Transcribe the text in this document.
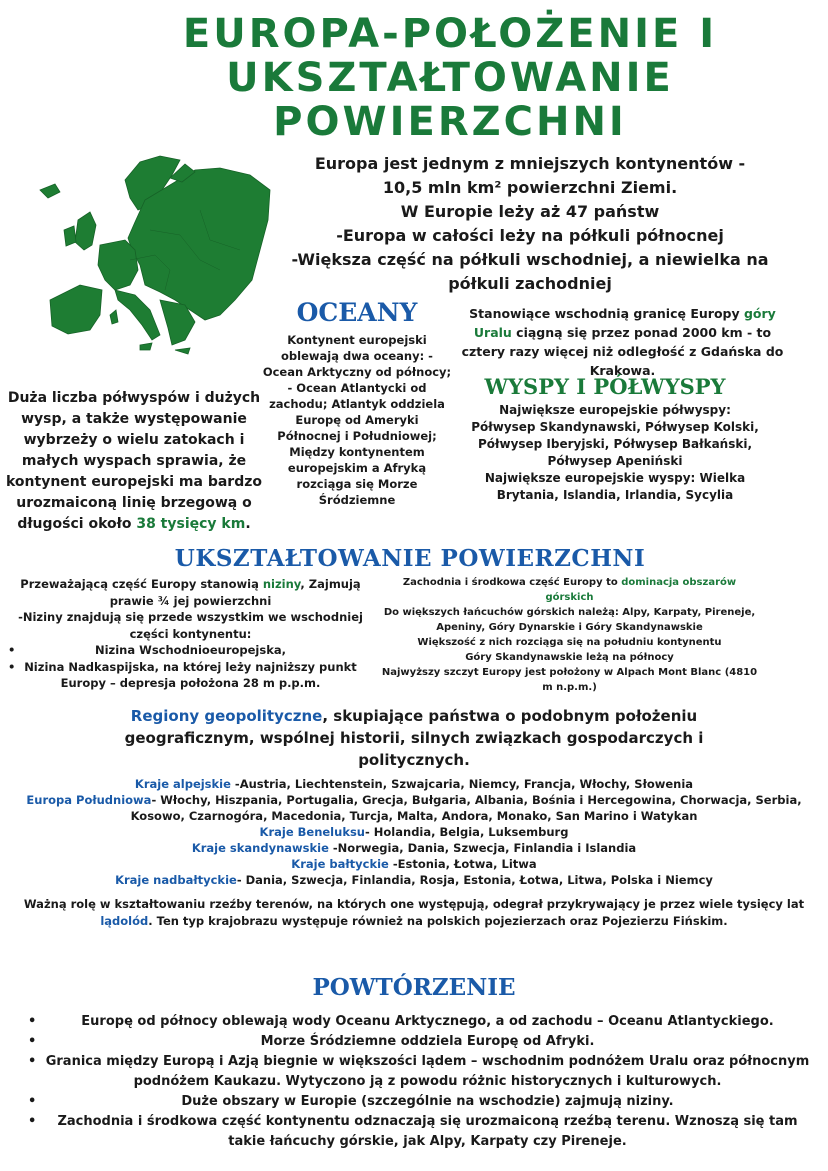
EUROPA-POŁOŻENIE I UKSZTAŁTOWANIE POWIERZCHNI
Europa jest jednym z mniejszych kontynentów -
10,5 mln km² powierzchni Ziemi.
W Europie leży aż 47 państw
-Europa w całości leży na półkuli północnej
-Większa część na półkuli wschodniej, a niewielka na
półkuli zachodniej
OCEANY
Kontynent europejski oblewają dwa oceany: - Ocean Arktyczny od północy; - Ocean Atlantycki od zachodu; Atlantyk oddziela Europę od Ameryki Północnej i Południowej; Między kontynentem europejskim a Afryką rozciąga się Morze Śródziemne
Stanowiące wschodnią granicę Europy góry Uralu ciągną się przez ponad 2000 km - to cztery razy więcej niż odległość z Gdańska do Krakowa.
WYSPY I PÓŁWYSPY
Największe europejskie półwyspy: Półwysep Skandynawski, Półwysep Kolski, Półwysep Iberyjski, Półwysep Bałkański, Półwysep Apeniński
Największe europejskie wyspy: Wielka Brytania, Islandia, Irlandia, Sycylia
Duża liczba półwyspów i dużych wysp, a także występowanie wybrzeży o wielu zatokach i małych wyspach sprawia, że kontynent europejski ma bardzo urozmaiconą linię brzegową o długości około 38 tysięcy km.
UKSZTAŁTOWANIE POWIERZCHNI
Przeważającą część Europy stanowią niziny, Zajmują prawie ¾ jej powierzchni
-Niziny znajdują się przede wszystkim we wschodniej części kontynentu:
•	Nizina Wschodnioeuropejska,
• Nizina Nadkaspijska, na której leży najniższy punkt Europy – depresja położona 28 m p.p.m.
Zachodnia i środkowa część Europy to dominacja obszarów górskich
Do większych łańcuchów górskich należą: Alpy, Karpaty, Pireneje, Apeniny, Góry Dynarskie i Góry Skandynawskie
Większość z nich rozciąga się na południu kontynentu
Góry Skandynawskie leżą na północy
Najwyższy szczyt Europy jest położony w Alpach Mont Blanc (4810 m n.p.m.)
Regiony geopolityczne, skupiające państwa o podobnym położeniu geograficznym, wspólnej historii, silnych związkach gospodarczych i politycznych.
Kraje alpejskie -Austria, Liechtenstein, Szwajcaria, Niemcy, Francja, Włochy, Słowenia
Europa Południowa- Włochy, Hiszpania, Portugalia, Grecja, Bułgaria, Albania, Bośnia i Hercegowina, Chorwacja, Serbia, Kosowo, Czarnogóra, Macedonia, Turcja, Malta, Andora, Monako, San Marino i Watykan
Kraje Beneluksu- Holandia, Belgia, Luksemburg
Kraje skandynawskie -Norwegia, Dania, Szwecja, Finlandia i Islandia
Kraje bałtyckie -Estonia, Łotwa, Litwa
Kraje nadbałtyckie- Dania, Szwecja, Finlandia, Rosja, Estonia, Łotwa, Litwa, Polska i Niemcy
Ważną rolę w kształtowaniu rzeźby terenów, na których one występują, odegrał przykrywający je przez wiele tysięcy lat lądolód. Ten typ krajobrazu występuje również na polskich pojezierzach oraz Pojezierzu Fińskim.
POWTÓRZENIE
•	Europę od północy oblewają wody Oceanu Arktycznego, a od zachodu – Oceanu Atlantyckiego.
•	Morze Śródziemne oddziela Europę od Afryki.
• Granica między Europą i Azją biegnie w większości lądem – wschodnim podnóżem Uralu oraz północnym podnóżem Kaukazu. Wytyczono ją z powodu różnic historycznych i kulturowych.
•	Duże obszary w Europie (szczególnie na wschodzie) zajmują niziny.
• Zachodnia i środkowa część kontynentu odznaczają się urozmaiconą rzeźbą terenu. Wznoszą się tam takie łańcuchy górskie, jak Alpy, Karpaty czy Pireneje.
